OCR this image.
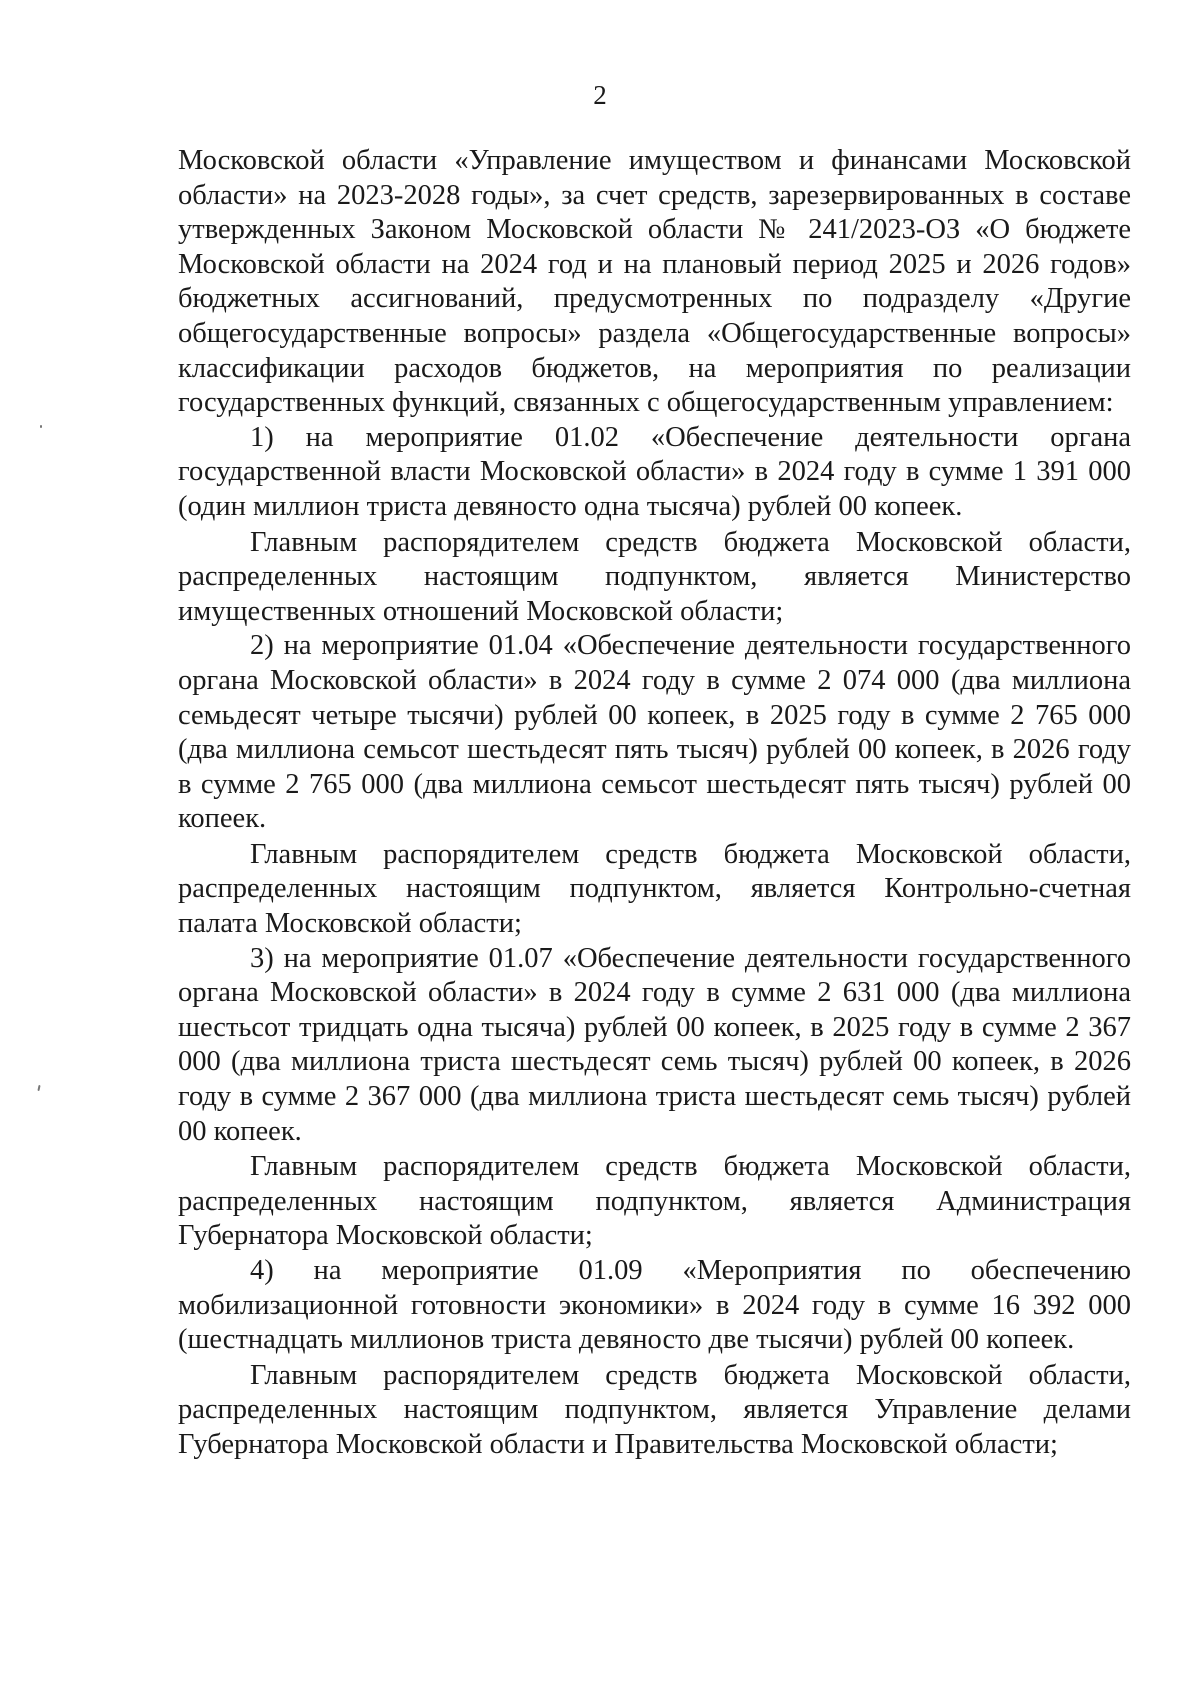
2

Московской области «Управление имуществом и финансами Московской области» на 2023-2028 годы», за счет средств, зарезервированных в составе утвержденных Законом Московской области № 241/2023-ОЗ «О бюджете Московской области на 2024 год и на плановый период 2025 и 2026 годов» бюджетных ассигнований, предусмотренных по подразделу «Другие общегосударственные вопросы» раздела «Общегосударственные вопросы» классификации расходов бюджетов, на мероприятия по реализации государственных функций, связанных с общегосударственным управлением:

1) на мероприятие 01.02 «Обеспечение деятельности органа государственной власти Московской области» в 2024 году в сумме 1 391 000 (один миллион триста девяносто одна тысяча) рублей 00 копеек.

Главным распорядителем средств бюджета Московской области, распределенных настоящим подпунктом, является Министерство имущественных отношений Московской области;

2) на мероприятие 01.04 «Обеспечение деятельности государственного органа Московской области» в 2024 году в сумме 2 074 000 (два миллиона семьдесят четыре тысячи) рублей 00 копеек, в 2025 году в сумме 2 765 000 (два миллиона семьсот шестьдесят пять тысяч) рублей 00 копеек, в 2026 году в сумме 2 765 000 (два миллиона семьсот шестьдесят пять тысяч) рублей 00 копеек.

Главным распорядителем средств бюджета Московской области, распределенных настоящим подпунктом, является Контрольно-счетная палата Московской области;

3) на мероприятие 01.07 «Обеспечение деятельности государственного органа Московской области» в 2024 году в сумме 2 631 000 (два миллиона шестьсот тридцать одна тысяча) рублей 00 копеек, в 2025 году в сумме 2 367 000 (два миллиона триста шестьдесят семь тысяч) рублей 00 копеек, в 2026 году в сумме 2 367 000 (два миллиона триста шестьдесят семь тысяч) рублей 00 копеек.

Главным распорядителем средств бюджета Московской области, распределенных настоящим подпунктом, является Администрация Губернатора Московской области;

4) на мероприятие 01.09 «Мероприятия по обеспечению мобилизационной готовности экономики» в 2024 году в сумме 16 392 000 (шестнадцать миллионов триста девяносто две тысячи) рублей 00 копеек.

Главным распорядителем средств бюджета Московской области, распределенных настоящим подпунктом, является Управление делами Губернатора Московской области и Правительства Московской области;
